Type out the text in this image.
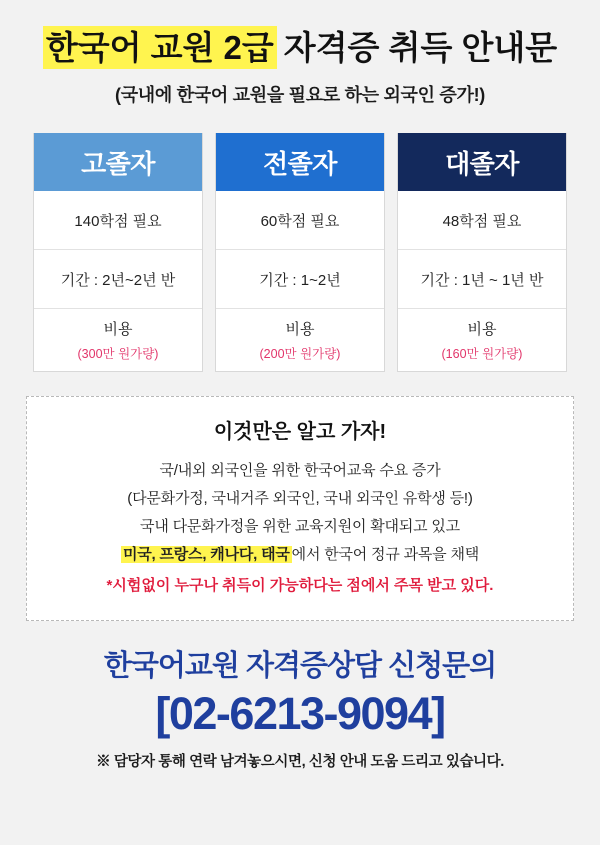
한국어 교원 2급 자격증 취득 안내문
(국내에 한국어 교원을 필요로 하는 외국인 증가!)
고졸자
140학점 필요
기간 : 2년~2년 반
비용
(300만 원가량)
전졸자
60학점 필요
기간 : 1~2년
비용
(200만 원가량)
대졸자
48학점 필요
기간 : 1년 ~ 1년 반
비용
(160만 원가량)
이것만은 알고 가자!
국/내외 외국인을 위한 한국어교육 수요 증가
(다문화가정, 국내거주 외국인, 국내 외국인 유학생 등!)
국내 다문화가정을 위한 교육지원이 확대되고 있고
미국, 프랑스, 캐나다, 태국 에서 한국어 정규 과목을 채택
*시험없이 누구나 취득이 가능하다는 점에서 주목 받고 있다.
한국어교원 자격증상담 신청문의
[02-6213-9094]
※ 담당자 통해 연락 남겨놓으시면, 신청 안내 도움 드리고 있습니다.
